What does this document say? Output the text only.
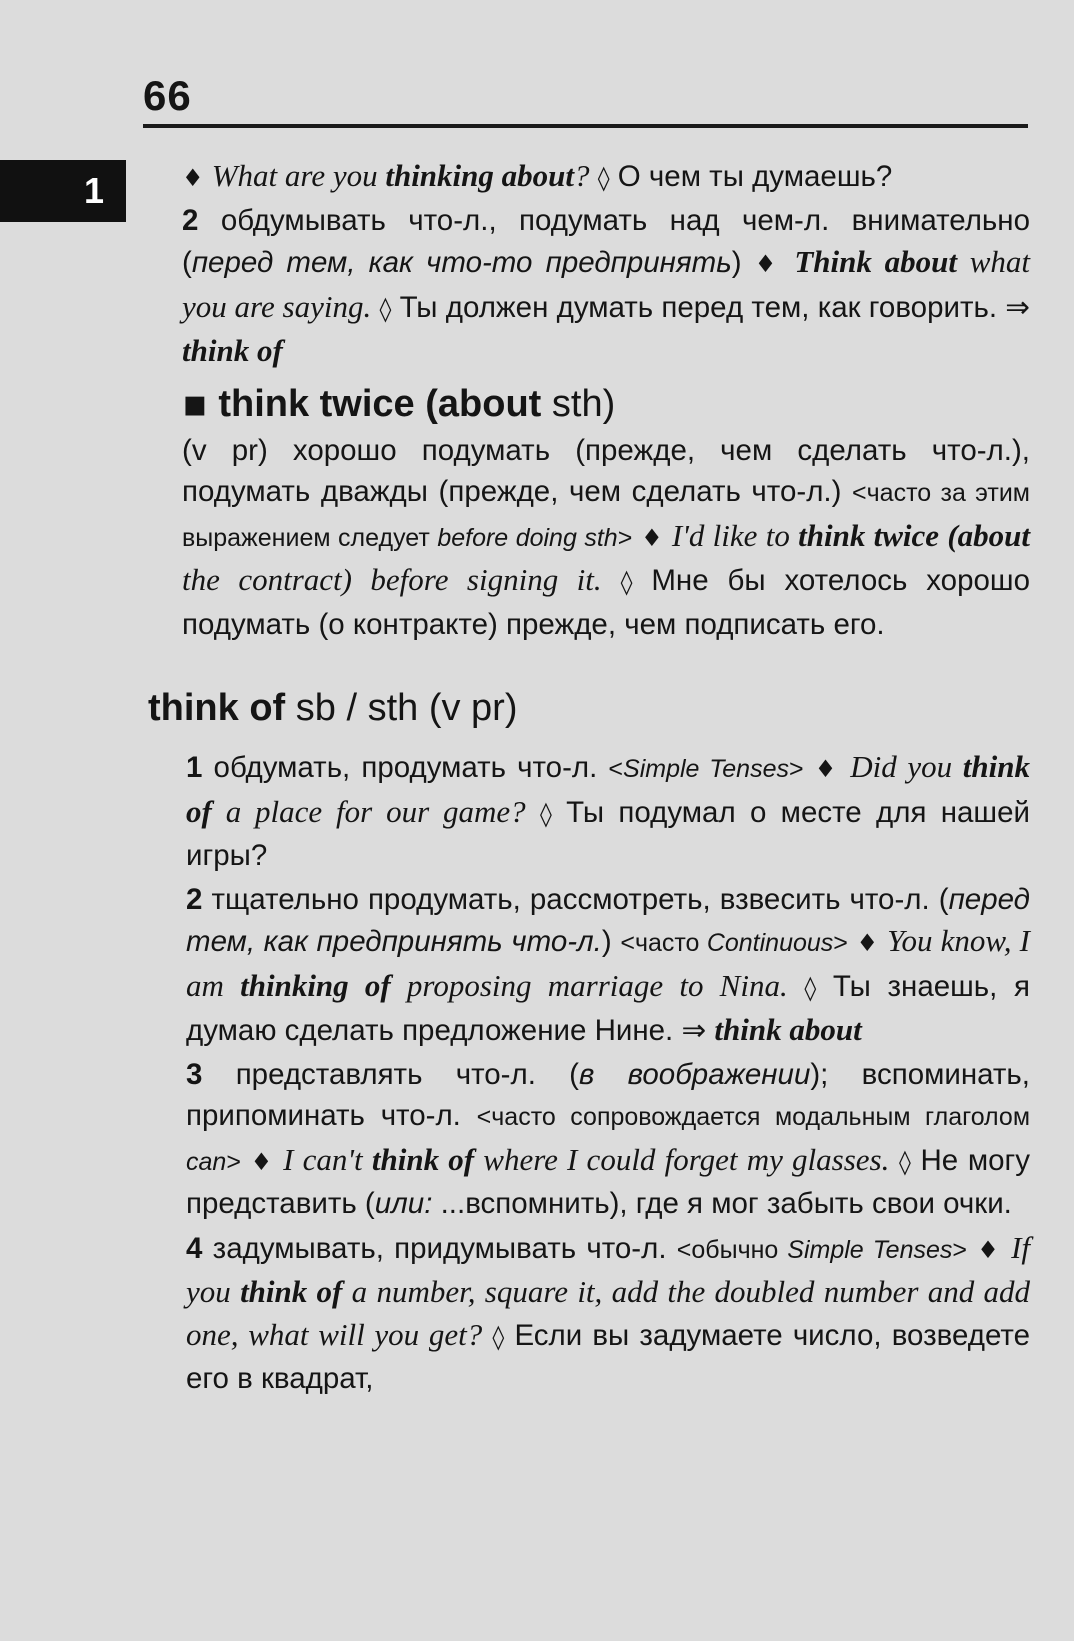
66
1	♦ What are you thinking about? ◊ О чем ты думаешь?

2 обдумывать что-л., подумать над чем-л. внимательно (перед тем, как что-то предпринять) ♦ Think about what you are saying. ◊ Ты должен думать перед тем, как говорить. ⇒ think of

▪ think twice (about sth)

(v pr) хорошо подумать (прежде, чем сделать что-л.), подумать дважды (прежде, чем сделать что-л.) <часто за этим выражением следует before doing sth> ♦ I'd like to think twice (about the contract) before signing it. ◊ Мне бы хотелось хорошо подумать (о контракте) прежде, чем подписать его.

think of sb / sth (v pr)

1 обдумать, продумать что-л. <Simple Tenses> ♦ Did you think of a place for our game? ◊ Ты подумал о месте для нашей игры?

2 тщательно продумать, рассмотреть, взвесить что-л. (перед тем, как предпринять что-л.) <часто Continuous> ♦ You know, I am thinking of proposing marriage to Nina. ◊ Ты знаешь, я думаю сделать предложение Нине. ⇒ think about

3 представлять что-л. (в воображении); вспоминать, припоминать что-л. <часто сопровождается модальным глаголом can> ♦ I can't think of where I could forget my glasses. ◊ Не могу представить (или: ...вспомнить), где я мог забыть свои очки.

4 задумывать, придумывать что-л. <обычно Simple Tenses> ♦ If you think of a number, square it, add the doubled number and add one, what will you get? ◊ Если вы задумаете число, возведете его в квадрат,
